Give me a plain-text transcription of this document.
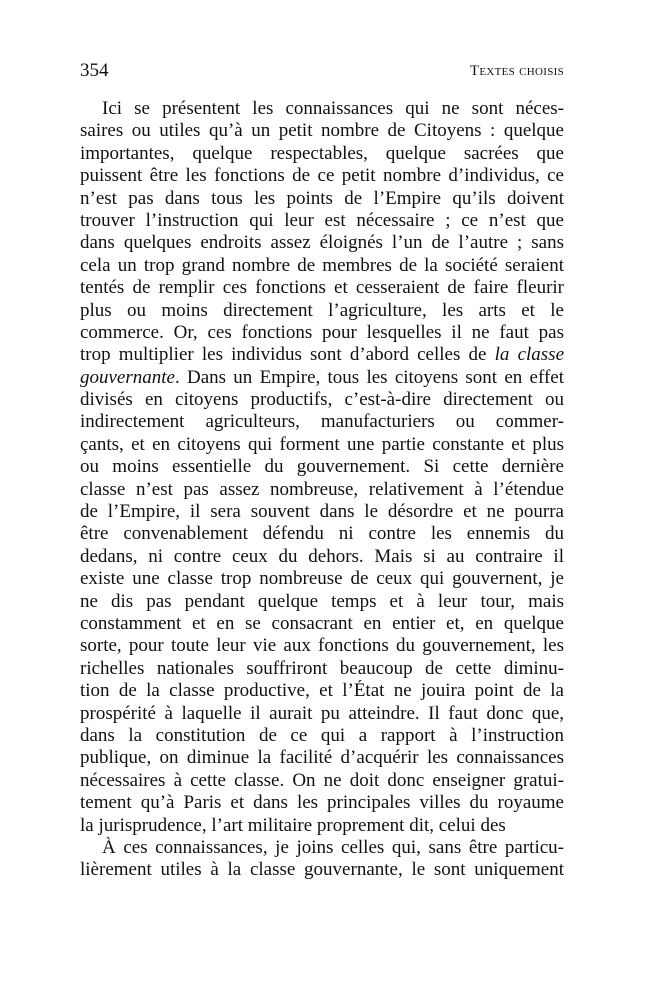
354	Textes choisis
Ici se présentent les connaissances qui ne sont néces-
saires ou utiles qu’à un petit nombre de Citoyens : quelque
importantes, quelque respectables, quelque sacrées que
puissent être les fonctions de ce petit nombre d’individus, ce
n’est pas dans tous les points de l’Empire qu’ils doivent
trouver l’instruction qui leur est nécessaire ; ce n’est que
dans quelques endroits assez éloignés l’un de l’autre ; sans
cela un trop grand nombre de membres de la société seraient
tentés de remplir ces fonctions et cesseraient de faire fleurir
plus ou moins directement l’agriculture, les arts et le
commerce. Or, ces fonctions pour lesquelles il ne faut pas
trop multiplier les individus sont d’abord celles de la classe
gouvernante. Dans un Empire, tous les citoyens sont en effet
divisés en citoyens productifs, c’est-à-dire directement ou
indirectement agriculteurs, manufacturiers ou commer-
çants, et en citoyens qui forment une partie constante et plus
ou moins essentielle du gouvernement. Si cette dernière
classe n’est pas assez nombreuse, relativement à l’étendue
de l’Empire, il sera souvent dans le désordre et ne pourra
être convenablement défendu ni contre les ennemis du
dedans, ni contre ceux du dehors. Mais si au contraire il
existe une classe trop nombreuse de ceux qui gouvernent, je
ne dis pas pendant quelque temps et à leur tour, mais
constamment et en se consacrant en entier et, en quelque
sorte, pour toute leur vie aux fonctions du gouvernement, les
richelles nationales souffriront beaucoup de cette diminu-
tion de la classe productive, et l’État ne jouira point de la
prospérité à laquelle il aurait pu atteindre. Il faut donc que,
dans la constitution de ce qui a rapport à l’instruction
publique, on diminue la facilité d’acquérir les connaissances
nécessaires à cette classe. On ne doit donc enseigner gratui-
tement qu’à Paris et dans les principales villes du royaume
la jurisprudence, l’art militaire proprement dit, celui des
À ces connaissances, je joins celles qui, sans être particu-
lièrement utiles à la classe gouvernante, le sont uniquement
